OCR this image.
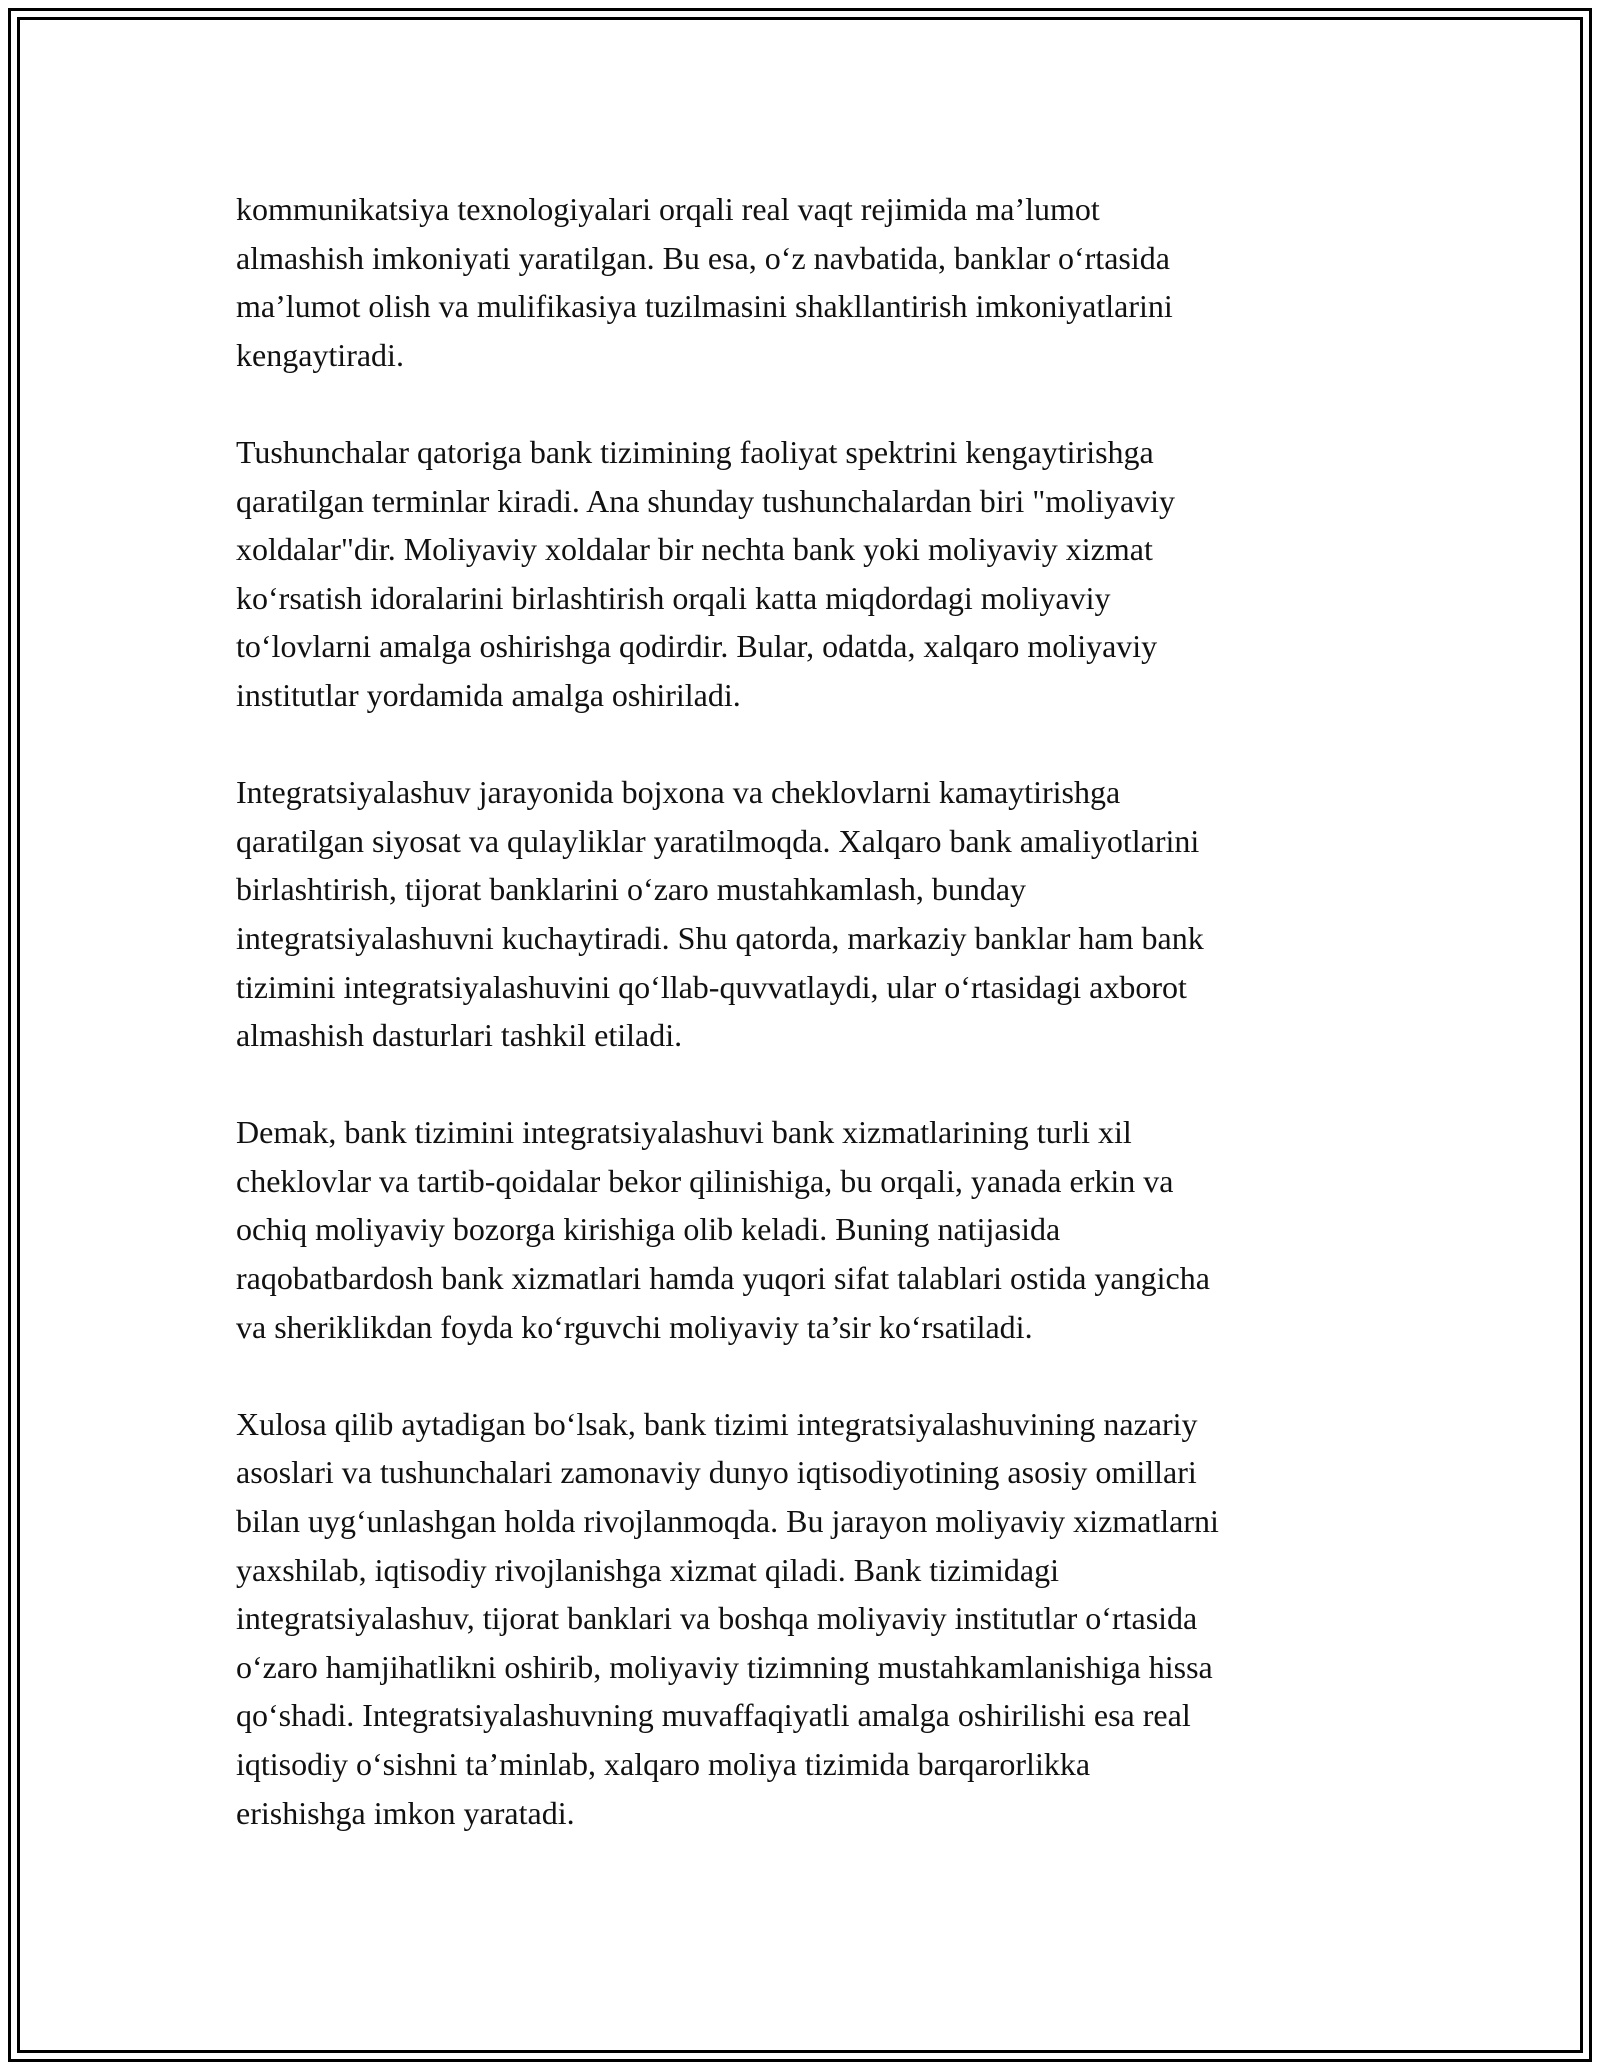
kommunikatsiya texnologiyalari orqali real vaqt rejimida ma’lumot
almashish imkoniyati yaratilgan. Bu esa, o‘z navbatida, banklar o‘rtasida
ma’lumot olish va mulifikasiya tuzilmasini shakllantirish imkoniyatlarini
kengaytiradi.

Tushunchalar qatoriga bank tizimining faoliyat spektrini kengaytirishga
qaratilgan terminlar kiradi. Ana shunday tushunchalardan biri "moliyaviy
xoldalar"dir. Moliyaviy xoldalar bir nechta bank yoki moliyaviy xizmat
ko‘rsatish idoralarini birlashtirish orqali katta miqdordagi moliyaviy
to‘lovlarni amalga oshirishga qodirdir. Bular, odatda, xalqaro moliyaviy
institutlar yordamida amalga oshiriladi.

Integratsiyalashuv jarayonida bojxona va cheklovlarni kamaytirishga
qaratilgan siyosat va qulayliklar yaratilmoqda. Xalqaro bank amaliyotlarini
birlashtirish, tijorat banklarini o‘zaro mustahkamlash, bunday
integratsiyalashuvni kuchaytiradi. Shu qatorda, markaziy banklar ham bank
tizimini integratsiyalashuvini qo‘llab-quvvatlaydi, ular o‘rtasidagi axborot
almashish dasturlari tashkil etiladi.

Demak, bank tizimini integratsiyalashuvi bank xizmatlarining turli xil
cheklovlar va tartib-qoidalar bekor qilinishiga, bu orqali, yanada erkin va
ochiq moliyaviy bozorga kirishiga olib keladi. Buning natijasida
raqobatbardosh bank xizmatlari hamda yuqori sifat talablari ostida yangicha
va sheriklikdan foyda ko‘rguvchi moliyaviy ta’sir ko‘rsatiladi.

Xulosa qilib aytadigan bo‘lsak, bank tizimi integratsiyalashuvining nazariy
asoslari va tushunchalari zamonaviy dunyo iqtisodiyotining asosiy omillari
bilan uyg‘unlashgan holda rivojlanmoqda. Bu jarayon moliyaviy xizmatlarni
yaxshilab, iqtisodiy rivojlanishga xizmat qiladi. Bank tizimidagi
integratsiyalashuv, tijorat banklari va boshqa moliyaviy institutlar o‘rtasida
o‘zaro hamjihatlikni oshirib, moliyaviy tizimning mustahkamlanishiga hissa
qo‘shadi. Integratsiyalashuvning muvaffaqiyatli amalga oshirilishi esa real
iqtisodiy o‘sishni ta’minlab, xalqaro moliya tizimida barqarorlikka
erishishga imkon yaratadi.
